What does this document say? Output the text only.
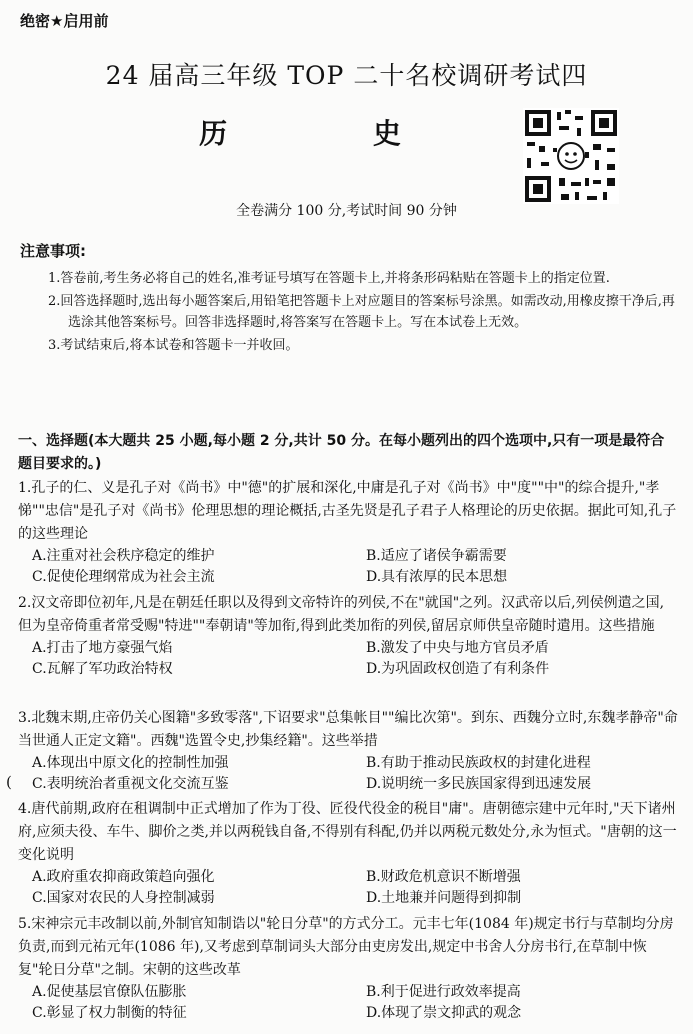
绝密★启用前
24 届高三年级 TOP 二十名校调研考试四
历 史
全卷满分 100 分,考试时间 90 分钟
注意事项:

1.答卷前,考生务必将自己的姓名,准考证号填写在答题卡上,并将条形码粘贴在答题卡上的指定位置.

2.回答选择题时,选出每小题答案后,用铅笔把答题卡上对应题目的答案标号涂黑。如需改动,用橡皮擦干净后,再选涂其他答案标号。回答非选择题时,将答案写在答题卡上。写在本试卷上无效。

3.考试结束后,将本试卷和答题卡一并收回。

一、选择题(本大题共 25 小题,每小题 2 分,共计 50 分。在每小题列出的四个选项中,只有一项是最符合题目要求的。)

1.孔子的仁、义是孔子对《尚书》中"德"的扩展和深化,中庸是孔子对《尚书》中"度""中"的综合提升,"孝悌""忠信"是孔子对《尚书》伦理思想的理论概括,古圣先贤是孔子君子人格理论的历史依据。据此可知,孔子的这些理论

A.注重对社会秩序稳定的维护	B.适应了诸侯争霸需要
C.促使伦理纲常成为社会主流	D.具有浓厚的民本思想

2.汉文帝即位初年,凡是在朝廷任职以及得到文帝特许的列侯,不在"就国"之列。汉武帝以后,列侯例遣之国,但为皇帝倚重者常受赐"特进""奉朝请"等加衔,得到此类加衔的列侯,留居京师供皇帝随时遣用。这些措施

A.打击了地方豪强气焰	B.激发了中央与地方官员矛盾
C.瓦解了军功政治特权	D.为巩固政权创造了有利条件

3.北魏末期,庄帝仍关心图籍"多致零落",下诏要求"总集帐目""编比次第"。到东、西魏分立时,东魏孝静帝"命当世通人正定文籍"。西魏"选置令史,抄集经籍"。这些举措

A.体现出中原文化的控制性加强	B.有助于推动民族政权的封建化进程
C.表明统治者重视文化交流互鉴	D.说明统一多民族国家得到迅速发展
(

4.唐代前期,政府在租调制中正式增加了作为丁役、匠役代役金的税目"庸"。唐朝德宗建中元年时,"天下诸州府,应须夫役、车牛、脚价之类,并以两税钱自备,不得别有科配,仍并以两税元数处分,永为恒式。"唐朝的这一变化说明

A.政府重农抑商政策趋向强化	B.财政危机意识不断增强
C.国家对农民的人身控制减弱	D.土地兼并问题得到抑制

5.宋神宗元丰改制以前,外制官知制诰以"轮日分草"的方式分工。元丰七年(1084 年)规定书行与草制均分房负责,而到元祐元年(1086 年),又考虑到草制词头大部分由吏房发出,规定中书舍人分房书行,在草制中恢复"轮日分草"之制。宋朝的这些改革

A.促使基层官僚队伍膨胀	B.利于促进行政效率提高
C.彰显了权力制衡的特征	D.体现了崇文抑武的观念
